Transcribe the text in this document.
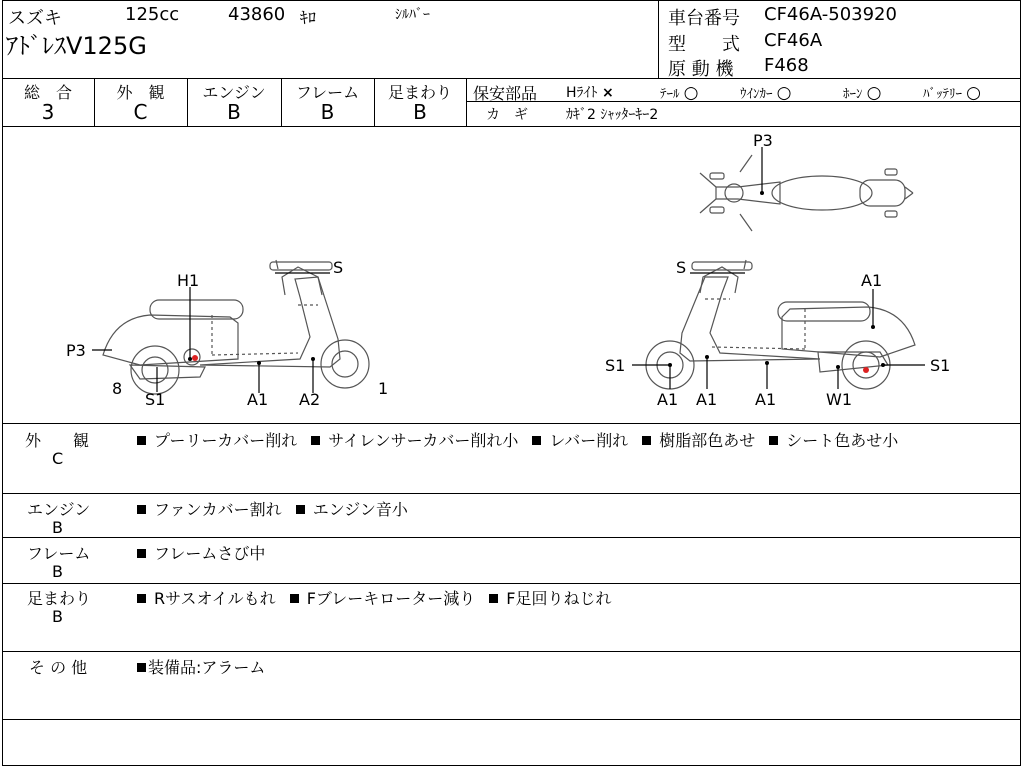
スズキ	125cc	43860 ｷﾛ	ｼﾙﾊﾞｰ
ｱﾄﾞﾚｽV125G
車台番号 CF46A-503920
型　　式 CF46A
原 動 機 F468
総　合	外　観	エンジン	フレーム	足まわり
3	C	B	B	B
保安部品 Hﾗｲﾄ ×	ﾃｰﾙ ○	ｳｲﾝｶｰ ○	ﾎｰﾝ ○	ﾊﾞｯﾃﾘｰ ○
カ　ギ	ｶｷﾞ2 ｼｬｯﾀｰｷｰ2
H1
S
P3
8
S1	A1 A2
1
P3
S
A1
S1	S1
A1 A1 A1	W1
外　　観
C
プーリーカバー削れ サイレンサーカバー削れ小 レバー削れ 樹脂部色あせ シート色あせ小
エンジン
B
ファンカバー割れ エンジン音小
フレーム
B
フレームさび中
足まわり
B
Rサスオイルもれ Fブレーキローター減り F足回りねじれ
そ の 他	装備品:アラーム
